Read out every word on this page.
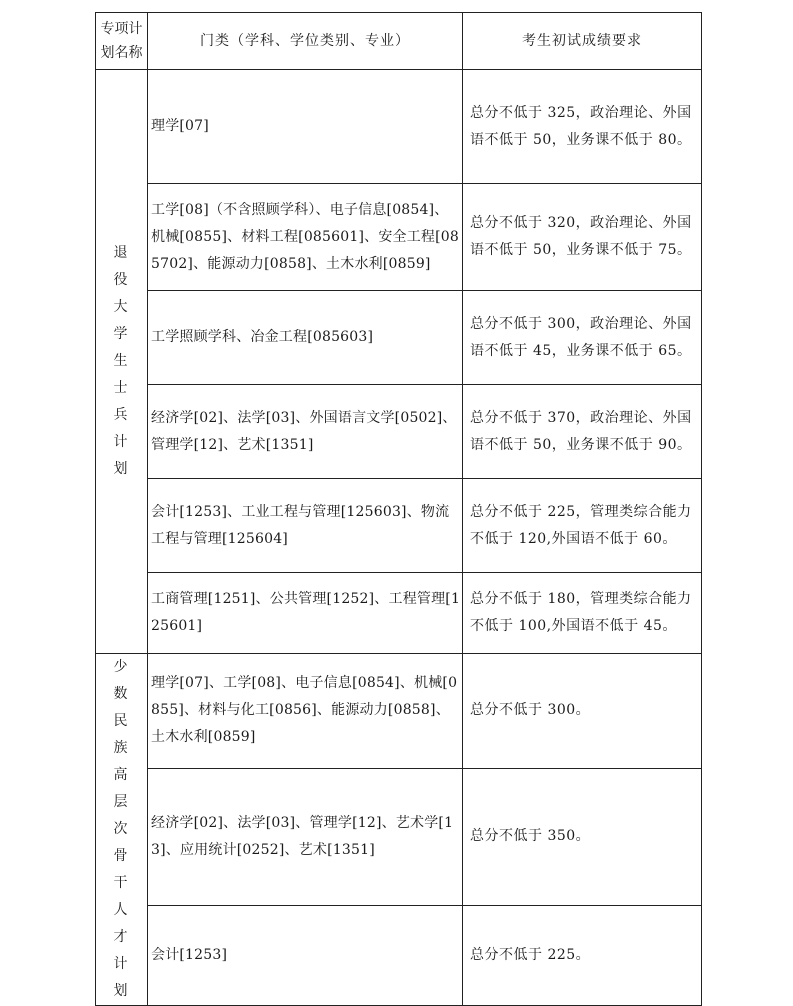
专项计划名称	门类（学科、学位类别、专业）	考生初试成绩要求

退役大学生士兵计划	理学[07]	总分不低于 325，政治理论、外国语不低于 50，业务课不低于 80。
	工学[08]（不含照顾学科）、电子信息[0854]、机械[0855]、材料工程[085601]、安全工程[085702]、能源动力[0858]、土木水利[0859]	总分不低于 320，政治理论、外国语不低于 50，业务课不低于 75。
	工学照顾学科、冶金工程[085603]	总分不低于 300，政治理论、外国语不低于 45，业务课不低于 65。
	经济学[02]、法学[03]、外国语言文学[0502]、管理学[12]、艺术[1351]	总分不低于 370，政治理论、外国语不低于 50，业务课不低于 90。
	会计[1253]、工业工程与管理[125603]、物流工程与管理[125604]	总分不低于 225，管理类综合能力不低于 120,外国语不低于 60。
	工商管理[1251]、公共管理[1252]、工程管理[125601]	总分不低于 180，管理类综合能力不低于 100,外国语不低于 45。

少数民族高层次骨干人才计划	理学[07]、工学[08]、电子信息[0854]、机械[0855]、材料与化工[0856]、能源动力[0858]、土木水利[0859]	总分不低于 300。
	经济学[02]、法学[03]、管理学[12]、艺术学[13]、应用统计[0252]、艺术[1351]	总分不低于 350。
	会计[1253]	总分不低于 225。
